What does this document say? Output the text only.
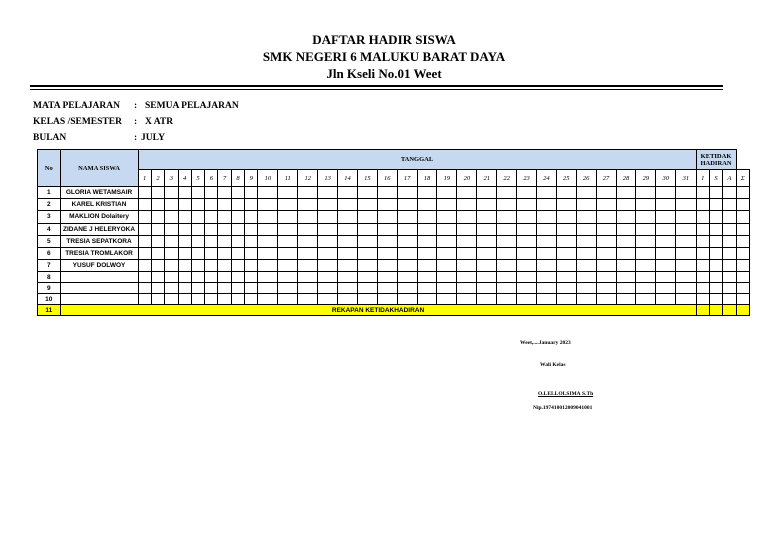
DAFTAR HADIR SISWA
SMK NEGERI 6 MALUKU BARAT DAYA
Jln Kseli No.01 Weet
MATA PELAJARAN : SEMUA PELAJARAN
KELAS /SEMESTER : X ATR
BULAN	: JULY
No	NAMA SISWA	TANGGAL																															KETIDAK HADIRAN			
		1	2	3	4	5	6	7	8	9	10	11	12	13	14	15	16	17	18	19	20	21	22	23	24	25	26	27	28	29	30	31	I	S	A	Σ
1	GLORIA WETAMSAIR																																			
2	KAREL KRISTIAN																																			
3	MAKLION Dolaitery																																			
4	ZIDANE J HELERYOKA																																			
5	TRESIA SEPATKORA																																			
6	TRESIA TROMLAKOR																																			
7	YUSUF DOLWOY																																			
8																																				
9																																				
10																																				
11	REKAPAN KETIDAKHADIRAN																																			
Weet,....January 2023
Wali Kelas
O.LELLOLSIMA S.Th
Nip.197410012009041001
